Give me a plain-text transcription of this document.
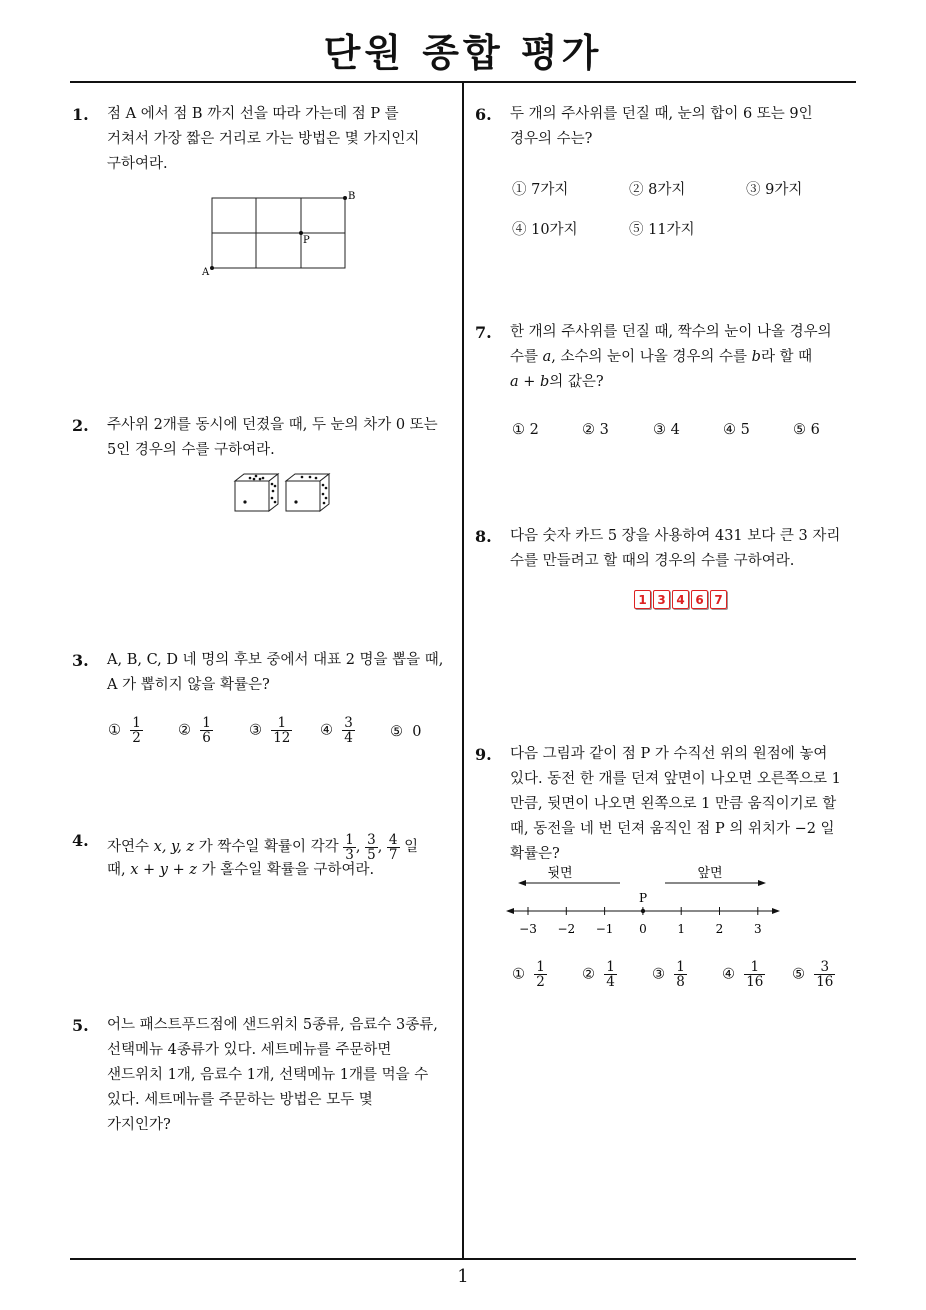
단원 종합 평가
1
1. 점 A 에서 점 B 까지 선을 따라 가는데 점 P 를
거쳐서 가장 짧은 거리로 가는 방법은 몇 가지인지
구하여라.
A
B
P
2. 주사위 2개를 동시에 던졌을 때, 두 눈의 차가 0 또는
5인 경우의 수를 구하여라.
3. A, B, C, D 네 명의 후보 중에서 대표 2 명을 뽑을 때,
A 가 뽑히지 않을 확률은?
① $\frac{1}{2}$ ② $\frac{1}{6}$ ③ $\frac{1}{12}$ ④ $\frac{3}{4}$ ⑤ 0
4. 자연수 x, y, z 가 짝수일 확률이 각각 $\frac{1}{3}$ , $\frac{3}{5}$ , $\frac{4}{7}$ 일
때, x + y + z 가 홀수일 확률을 구하여라.
5. 어느 패스트푸드점에 샌드위치 5종류, 음료수 3종류,
선택메뉴 4종류가 있다. 세트메뉴를 주문하면
샌드위치 1개, 음료수 1개, 선택메뉴 1개를 먹을 수
있다. 세트메뉴를 주문하는 방법은 모두 몇
가지인가?
6. 두 개의 주사위를 던질 때, 눈의 합이 6 또는 9인
경우의 수는?
① 7가지	② 8가지	③ 9가지
④ 10가지	⑤ 11가지
7. 한 개의 주사위를 던질 때, 짝수의 눈이 나올 경우의
수를 a, 소수의 눈이 나올 경우의 수를 b라 할 때
a + b의 값은?
① 2	② 3	③ 4	④ 5	⑤ 6
8. 다음 숫자 카드 5 장을 사용하여 431 보다 큰 3 자리
수를 만들려고 할 때의 경우의 수를 구하여라.
1 3 4 6 7
9. 다음 그림과 같이 점 P 가 수직선 위의 원점에 놓여
있다. 동전 한 개를 던져 앞면이 나오면 오른쪽으로 1
만큼, 뒷면이 나오면 왼쪽으로 1 만큼 움직이기로 할
때, 동전을 네 번 던져 움직인 점 P 의 위치가 −2 일
확률은?
뒷면	앞면
P
−3 −2 −1 0	1	2	3
① $\frac{1}{2}$ ② $\frac{1}{4}$ ③ $\frac{1}{8}$ ④ $\frac{1}{16}$ ⑤ $\frac{3}{16}$
